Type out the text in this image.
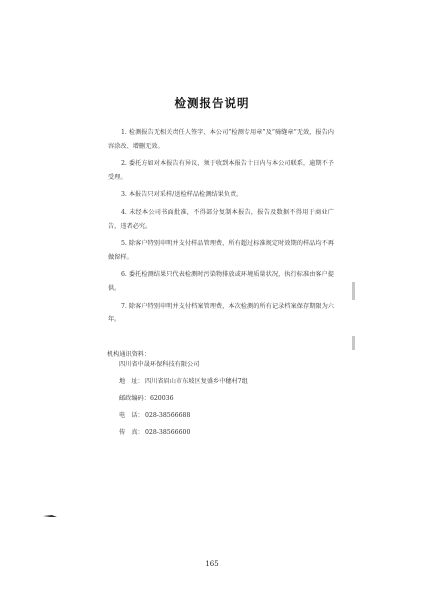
检测报告说明

1. 检测报告无相关责任人签字、本公司“检测专用章”及“骑缝章”无效，报告内容涂改、增删无效。

2. 委托方如对本报告有异议，须于收到本报告十日内与本公司联系，逾期不予受理。

3. 本报告只对采样/送检样品检测结果负责。

4. 未经本公司书面批准，不得部分复制本报告，报告及数据不得用于商业广告，违者必究。

5. 除客户特别申明并支付样品管理费，所有超过标准规定时效期的样品均不再做留样。

6. 委托检测结果只代表检测时污染物排放或环境质量状况，执行标准由客户提供。

7. 除客户特别申明并支付档案管理费，本次检测的所有记录档案保存期限为六年。

机构通讯资料：
四川省中晟环保科技有限公司
地　址：四川省眉山市东坡区复盛乡中穗村7组
邮政编码：620036
电　话：028-38566688
传　真：028-38566600
165
